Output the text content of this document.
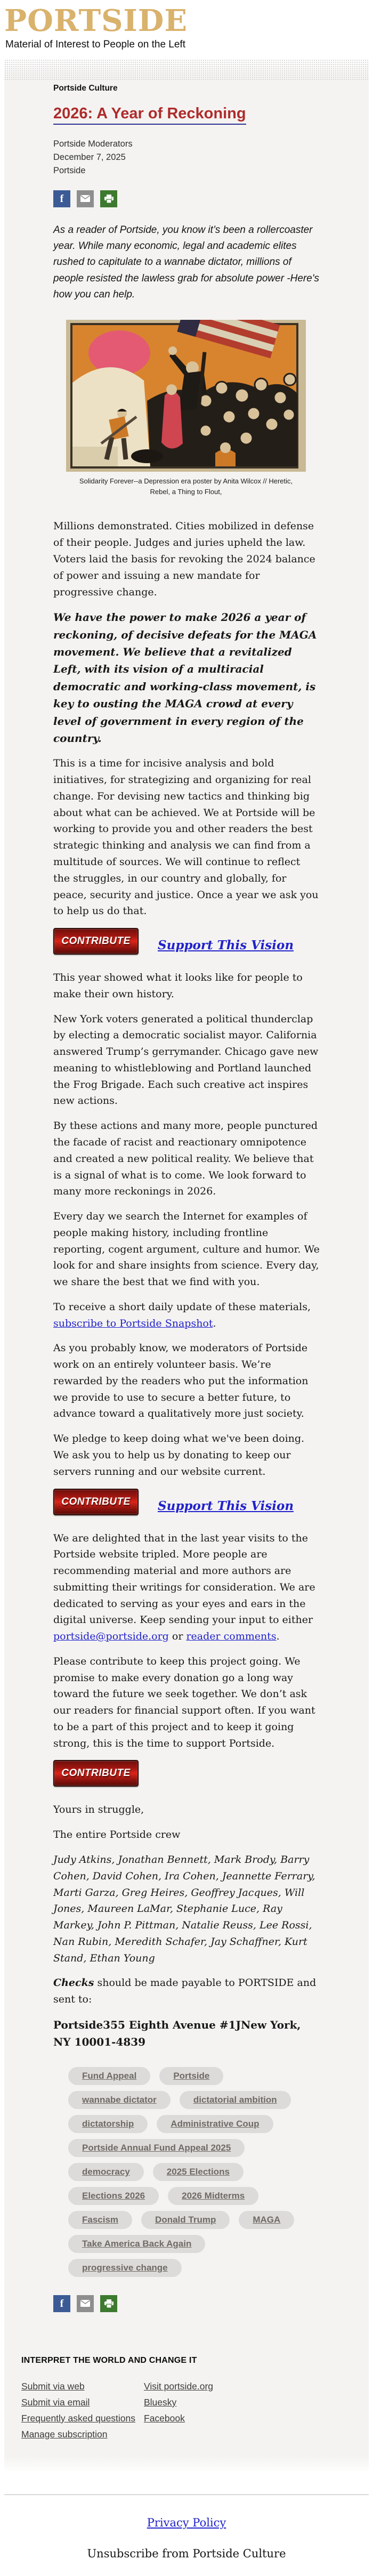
PORTSIDE
Material of Interest to People on the Left
Portside Culture
2026: A Year of Reckoning
Portside Moderators
December 7, 2025
Portside
f

As a reader of Portside, you know it’s been a rollercoaster year. While many economic, legal and academic elites rushed to capitulate to a wannabe dictator, millions of people resisted the lawless grab for absolute power -Here's how you can help.

Solidarity Forever--a Depression era poster by Anita Wilcox // Heretic, Rebel, a Thing to Flout,

Millions demonstrated. Cities mobilized in defense of their people. Judges and juries upheld the law. Voters laid the basis for revoking the 2024 balance of power and issuing a new mandate for progressive change.

We have the power to make 2026 a year of reckoning, of decisive defeats for the MAGA movement. We believe that a revitalized Left, with its vision of a multiracial democratic and working-class movement, is key to ousting the MAGA crowd at every level of government in every region of the country.

This is a time for incisive analysis and bold initiatives, for strategizing and organizing for real change. For devising new tactics and thinking big about what can be achieved. We at Portside will be working to provide you and other readers the best strategic thinking and analysis we can find from a multitude of sources. We will continue to reflect the struggles, in our country and globally, for peace, security and justice. Once a year we ask you to help us do that.

CONTRIBUTE	Support This Vision

This year showed what it looks like for people to make their own history.

New York voters generated a political thunderclap by electing a democratic socialist mayor. California answered Trump’s gerrymander. Chicago gave new meaning to whistleblowing and Portland launched the Frog Brigade. Each such creative act inspires new actions.

By these actions and many more, people punctured the facade of racist and reactionary omnipotence and created a new political reality. We believe that is a signal of what is to come. We look forward to many more reckonings in 2026.

Every day we search the Internet for examples of people making history, including frontline reporting, cogent argument, culture and humor. We look for and share insights from science. Every day, we share the best that we find with you.

To receive a short daily update of these materials, subscribe to Portside Snapshot.

As you probably know, we moderators of Portside work on an entirely volunteer basis. We’re rewarded by the readers who put the information we provide to use to secure a better future, to advance toward a qualitatively more just society.

We pledge to keep doing what we've been doing. We ask you to help us by donating to keep our servers running and our website current.

CONTRIBUTE	Support This Vision

We are delighted that in the last year visits to the Portside website tripled. More people are recommending material and more authors are submitting their writings for consideration. We are dedicated to serving as your eyes and ears in the digital universe. Keep sending your input to either portside@portside.org or reader comments.

Please contribute to keep this project going. We promise to make every donation go a long way toward the future we seek together. We don’t ask our readers for financial support often. If you want to be a part of this project and to keep it going strong, this is the time to support Portside.

CONTRIBUTE

Yours in struggle,

The entire Portside crew

Judy Atkins, Jonathan Bennett, Mark Brody, Barry Cohen, David Cohen, Ira Cohen, Jeannette Ferrary, Marti Garza, Greg Heires, Geoffrey Jacques, Will Jones, Maureen LaMar, Stephanie Luce, Ray Markey, John P. Pittman, Natalie Reuss, Lee Rossi, Nan Rubin, Meredith Schafer, Jay Schaffner, Kurt Stand, Ethan Young

Checks should be made payable to PORTSIDE and sent to:

Portside355 Eighth Avenue #1JNew York, NY 10001-4839

Fund Appeal	Portside
wannabe dictator	dictatorial ambition
dictatorship	Administrative Coup
Portside Annual Fund Appeal 2025
democracy	2025 Elections
Elections 2026	2026 Midterms
Fascism	Donald Trump	MAGA
Take America Back Again
progressive change
f
INTERPRET THE WORLD AND CHANGE IT
Submit via web
Submit via email
Frequently asked questions
Manage subscription
Visit portside.org
Bluesky
Facebook
Privacy Policy
Unsubscribe from Portside Culture
